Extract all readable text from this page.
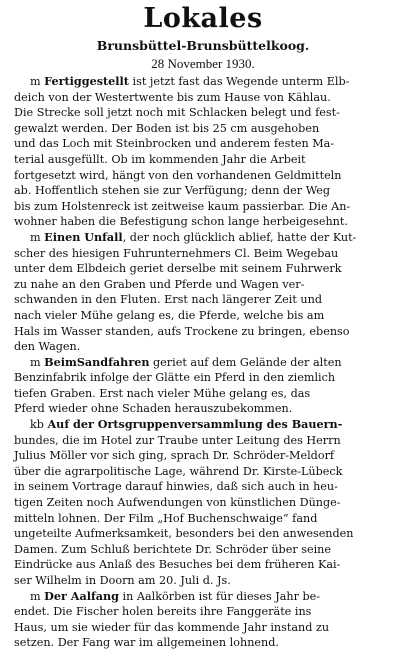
Lokales
Brunsbüttel-Brunsbüttelkoog.
28 November 1930.
m Fertiggestellt ist jetzt fast das Wegende unterm Elb-
deich von der Westertwente bis zum Hause von Kählau.
Die Strecke soll jetzt noch mit Schlacken belegt und fest-
gewalzt werden. Der Boden ist bis 25 cm ausgehoben
und das Loch mit Steinbrocken und anderem festen Ma-
terial ausgefüllt. Ob im kommenden Jahr die Arbeit
fortgesetzt wird, hängt von den vorhandenen Geldmitteln
ab. Hoffentlich stehen sie zur Verfügung; denn der Weg
bis zum Holstenreck ist zeitweise kaum passierbar. Die An-
wohner haben die Befestigung schon lange herbeigesehnt.
m Einen Unfall, der noch glücklich ablief, hatte der Kut-
scher des hiesigen Fuhrunternehmers Cl. Beim Wegebau
unter dem Elbdeich geriet derselbe mit seinem Fuhrwerk
zu nahe an den Graben und Pferde und Wagen ver-
schwanden in den Fluten. Erst nach längerer Zeit und
nach vieler Mühe gelang es, die Pferde, welche bis am
Hals im Wasser standen, aufs Trockene zu bringen, ebenso
den Wagen.
m BeimSandfahren geriet auf dem Gelände der alten
Benzinfabrik infolge der Glätte ein Pferd in den ziemlich
tiefen Graben. Erst nach vieler Mühe gelang es, das
Pferd wieder ohne Schaden herauszubekommen.
kb Auf der Ortsgruppenversammlung des Bauern-
bundes, die im Hotel zur Traube unter Leitung des Herrn
Julius Möller vor sich ging, sprach Dr. Schröder-Meldorf
über die agrarpolitische Lage, während Dr. Kirste-Lübeck
in seinem Vortrage darauf hinwies, daß sich auch in heu-
tigen Zeiten noch Aufwendungen von künstlichen Dünge-
mitteln lohnen. Der Film „Hof Buchenschwaige“ fand
ungeteilte Aufmerksamkeit, besonders bei den anwesenden
Damen. Zum Schluß berichtete Dr. Schröder über seine
Eindrücke aus Anlaß des Besuches bei dem früheren Kai-
ser Wilhelm in Doorn am 20. Juli d. Js.
m Der Aalfang in Aalkörben ist für dieses Jahr be-
endet. Die Fischer holen bereits ihre Fanggeräte ins
Haus, um sie wieder für das kommende Jahr instand zu
setzen. Der Fang war im allgemeinen lohnend.
